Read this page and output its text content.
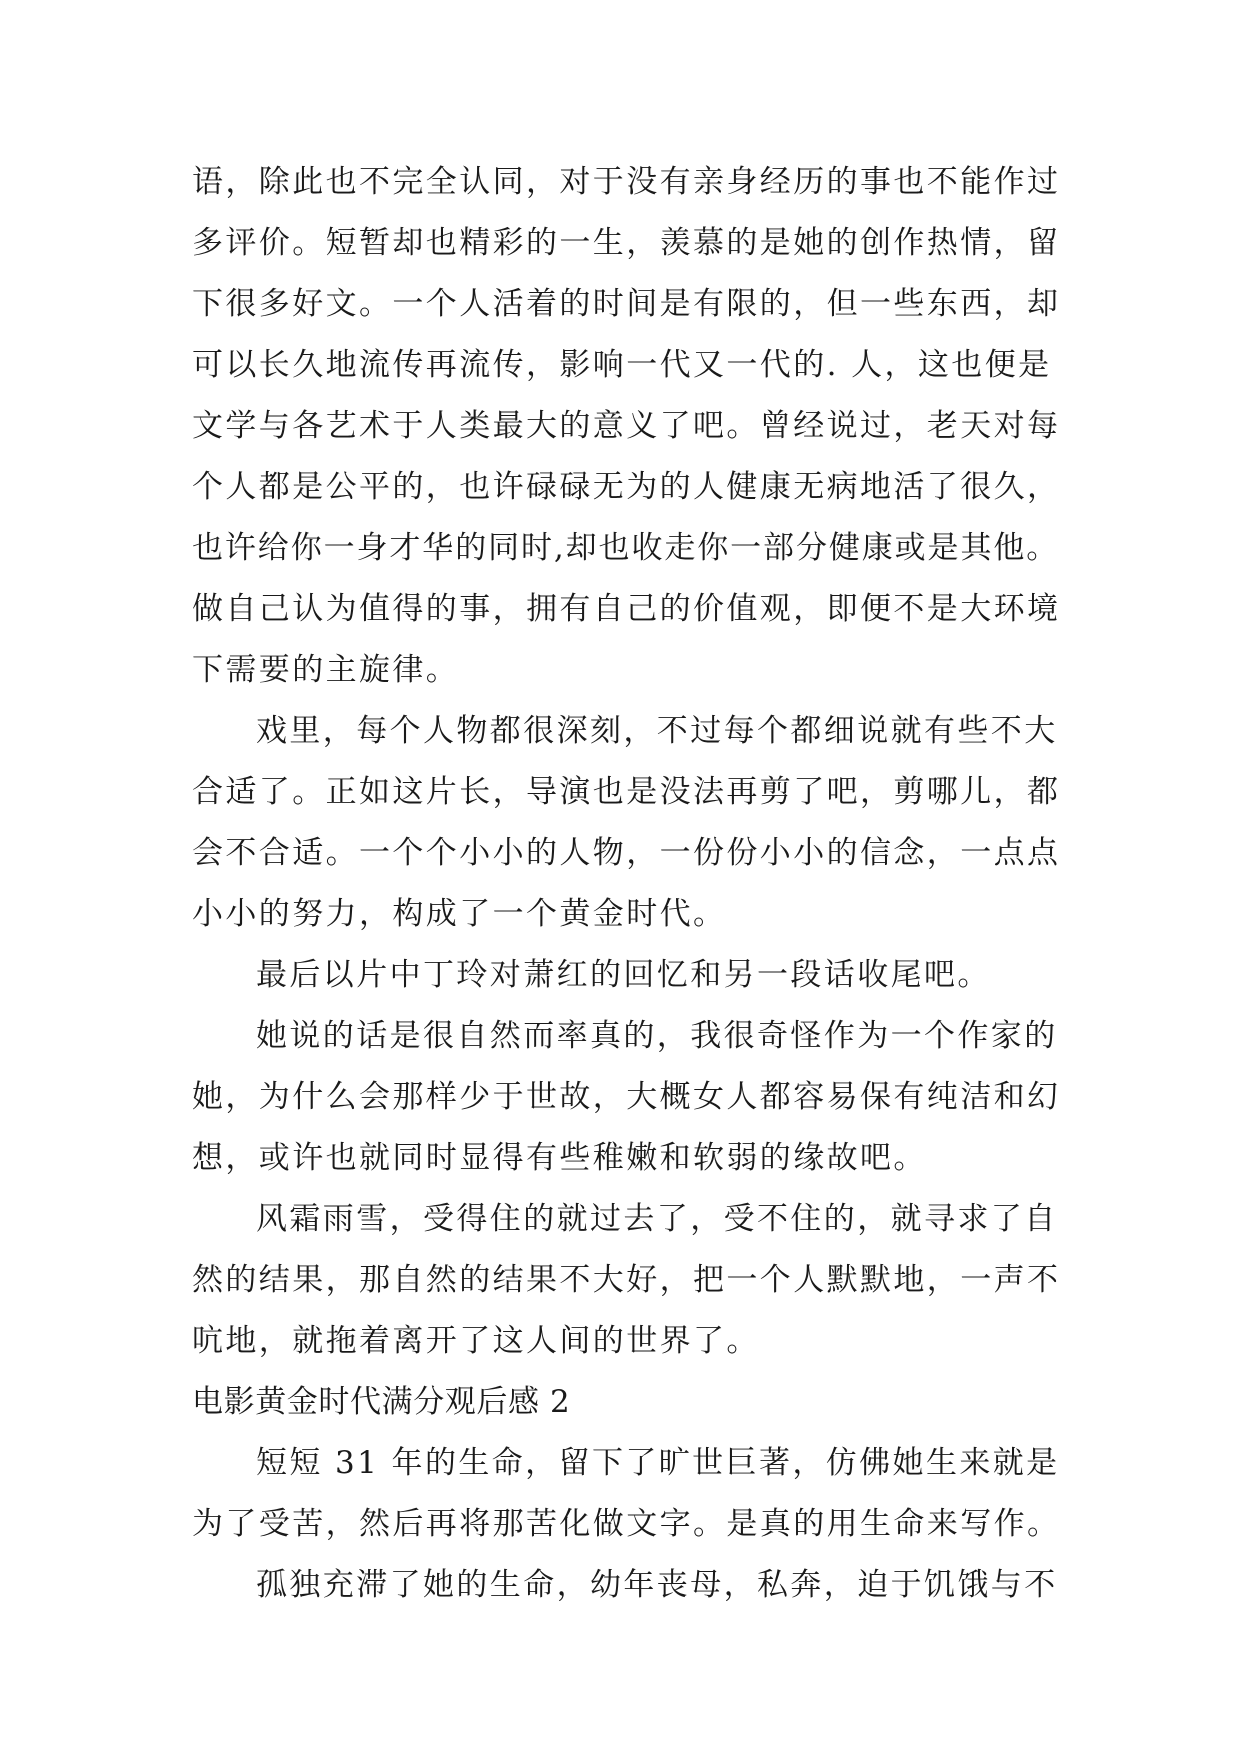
语，除此也不完全认同，对于没有亲身经历的事也不能作过
多评价。短暂却也精彩的一生，羡慕的是她的创作热情，留
下很多好文。一个人活着的时间是有限的，但一些东西，却
可以长久地流传再流传，影响一代又一代的. 人，这也便是
文学与各艺术于人类最大的意义了吧。曾经说过，老天对每
个人都是公平的，也许碌碌无为的人健康无病地活了很久，
也许给你一身才华的同时,却也收走你一部分健康或是其他。
做自己认为值得的事，拥有自己的价值观，即便不是大环境
下需要的主旋律。
戏里，每个人物都很深刻，不过每个都细说就有些不大
合适了。正如这片长，导演也是没法再剪了吧，剪哪儿，都
会不合适。一个个小小的人物，一份份小小的信念，一点点
小小的努力，构成了一个黄金时代。
最后以片中丁玲对萧红的回忆和另一段话收尾吧。
她说的话是很自然而率真的，我很奇怪作为一个作家的
她，为什么会那样少于世故，大概女人都容易保有纯洁和幻
想，或许也就同时显得有些稚嫩和软弱的缘故吧。
风霜雨雪，受得住的就过去了，受不住的，就寻求了自
然的结果，那自然的结果不大好，把一个人默默地，一声不
吭地，就拖着离开了这人间的世界了。
电影黄金时代满分观后感 2
短短 31 年的生命，留下了旷世巨著，仿佛她生来就是
为了受苦，然后再将那苦化做文字。是真的用生命来写作。
孤独充滞了她的生命，幼年丧母，私奔，迫于饥饿与不
